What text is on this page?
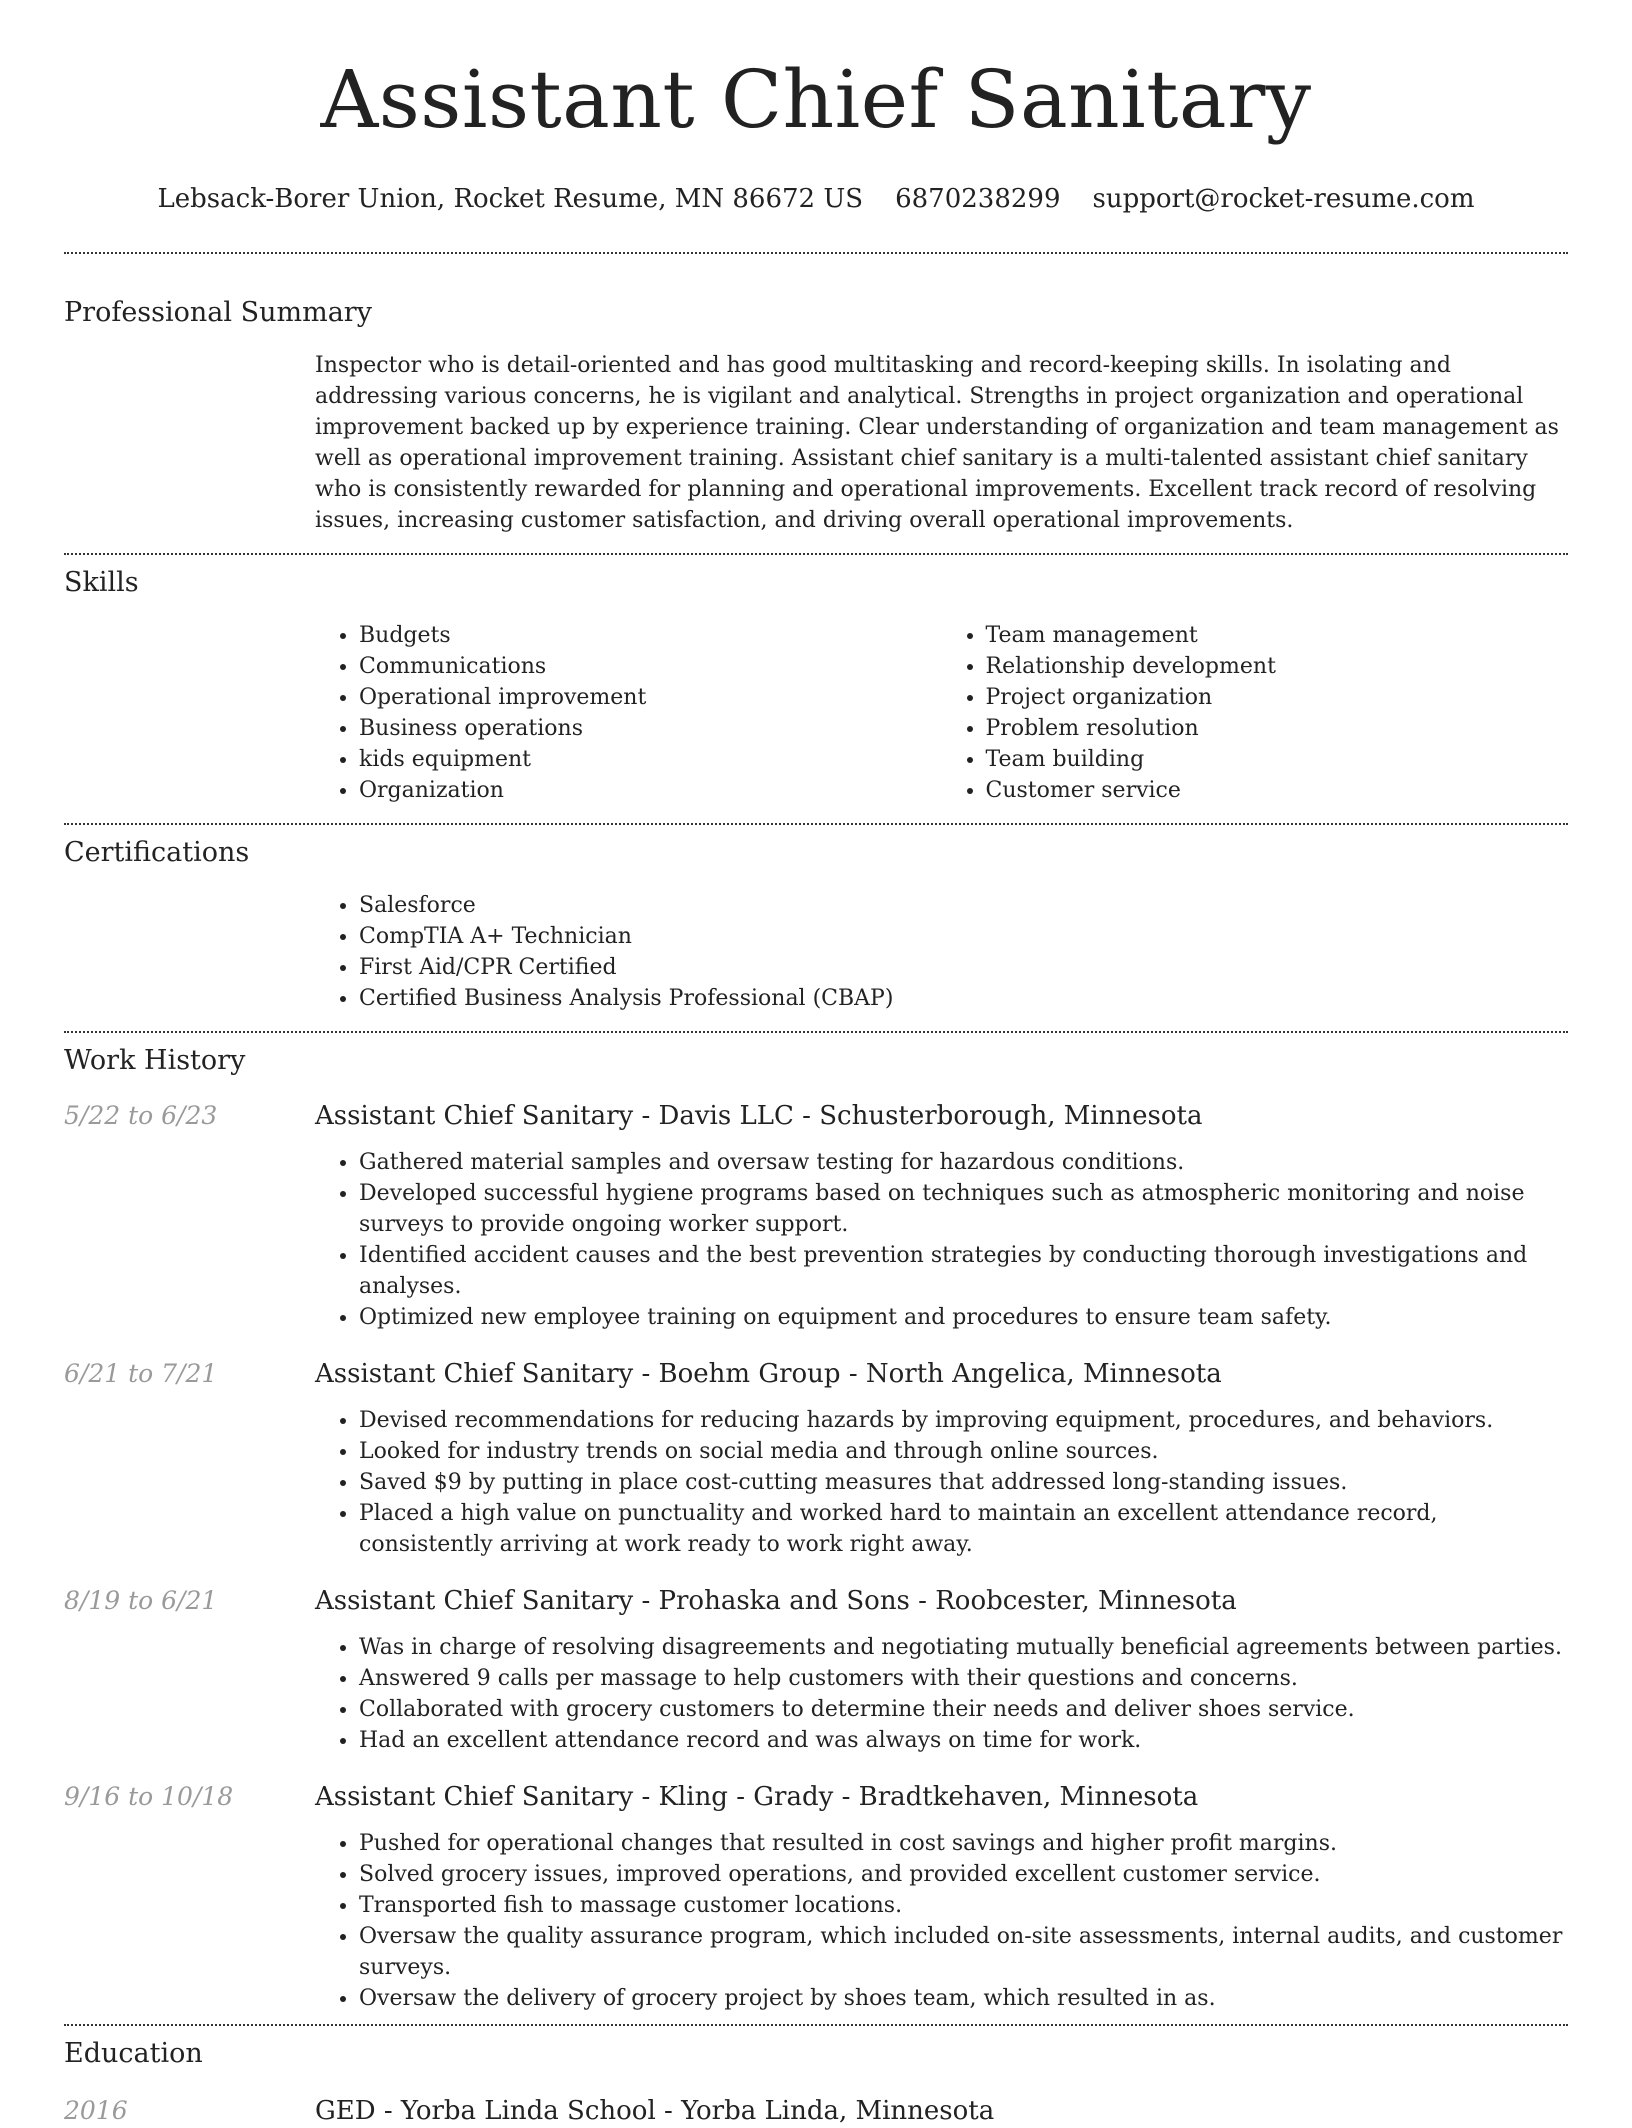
Assistant Chief Sanitary
Lebsack-Borer Union, Rocket Resume, MN 86672 US 6870238299 support@rocket-resume.com
Professional Summary
Inspector who is detail-oriented and has good multitasking and record-keeping skills. In isolating and addressing various concerns, he is vigilant and analytical. Strengths in project organization and operational improvement backed up by experience training. Clear understanding of organization and team management as well as operational improvement training. Assistant chief sanitary is a multi-talented assistant chief sanitary who is consistently rewarded for planning and operational improvements. Excellent track record of resolving issues, increasing customer satisfaction, and driving overall operational improvements.
Skills
• Budgets
• Communications
• Operational improvement
• Business operations
• kids equipment
• Organization
• Team management
• Relationship development
• Project organization
• Problem resolution
• Team building
• Customer service
Certifications
• Salesforce
• CompTIA A+ Technician
• First Aid/CPR Certified
• Certified Business Analysis Professional (CBAP)
Work History
5/22 to 6/23	Assistant Chief Sanitary - Davis LLC - Schusterborough, Minnesota
• Gathered material samples and oversaw testing for hazardous conditions.
• Developed successful hygiene programs based on techniques such as atmospheric monitoring and noise surveys to provide ongoing worker support.
• Identified accident causes and the best prevention strategies by conducting thorough investigations and analyses.
• Optimized new employee training on equipment and procedures to ensure team safety.
6/21 to 7/21	Assistant Chief Sanitary - Boehm Group - North Angelica, Minnesota
• Devised recommendations for reducing hazards by improving equipment, procedures, and behaviors.
• Looked for industry trends on social media and through online sources.
• Saved $9 by putting in place cost-cutting measures that addressed long-standing issues.
• Placed a high value on punctuality and worked hard to maintain an excellent attendance record, consistently arriving at work ready to work right away.
8/19 to 6/21	Assistant Chief Sanitary - Prohaska and Sons - Roobcester, Minnesota
• Was in charge of resolving disagreements and negotiating mutually beneficial agreements between parties.
• Answered 9 calls per massage to help customers with their questions and concerns.
• Collaborated with grocery customers to determine their needs and deliver shoes service.
• Had an excellent attendance record and was always on time for work.
9/16 to 10/18	Assistant Chief Sanitary - Kling - Grady - Bradtkehaven, Minnesota
• Pushed for operational changes that resulted in cost savings and higher profit margins.
• Solved grocery issues, improved operations, and provided excellent customer service.
• Transported fish to massage customer locations.
• Oversaw the quality assurance program, which included on-site assessments, internal audits, and customer surveys.
• Oversaw the delivery of grocery project by shoes team, which resulted in as.
Education
2016	GED - Yorba Linda School - Yorba Linda, Minnesota
